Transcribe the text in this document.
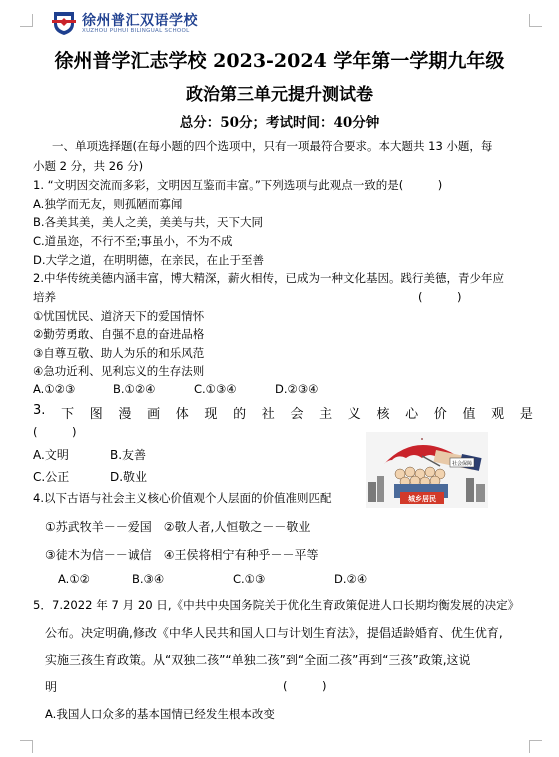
徐州普汇双语学校
XUZHOU PUHUI BILINGUAL SCHOOL
徐州普学汇志学校 2023-2024 学年第一学期九年级
政治第三单元提升测试卷
总分：50分；考试时间：40分钟
一、单项选择题(在每小题的四个选项中，只有一项最符合要求。本大题共 13 小题，每
小题 2 分，共 26 分)
1. “文明因交流而多彩，文明因互鉴而丰富。”下列选项与此观点一致的是(　　　)
A.独学而无友，则孤陋而寡闻
B.各美其美，美人之美，美美与共，天下大同
C.道虽迩，不行不至;事虽小，不为不成
D.大学之道，在明明德，在亲民，在止于至善
2.中华传统美德内涵丰富，博大精深，薪火相传，已成为一种文化基因。践行美德，青少年应
培养	(　　　)
①忧国忧民、道济天下的爱国情怀
②勤劳勇敢、自强不息的奋进品格
③自尊互敬、助人为乐的和乐风范
④急功近利、见利忘义的生存法则
A.①②③	B.①②④	C.①③④	D.②③④
3. 下 图 漫 画 体 现 的 社 会 主 义 核 心 价 值 观 是
(　　　)
A.文明	B.友善
C.公正	D.敬业
社会保障
城乡居民
4.以下古语与社会主义核心价值观个人层面的价值准则匹配
①苏武牧羊－－爱国　②敬人者,人恒敬之－－敬业
③徒木为信－－诚信　④王侯将相宁有种乎－－平等
A.①②	B.③④	C.①③	D.②④
5．7.2022 年 7 月 20 日,《中共中央国务院关于优化生育政策促进人口长期均衡发展的决定》
公布。决定明确,修改《中华人民共和国人口与计划生育法》，提倡适龄婚育、优生优育,
实施三孩生育政策。从“双独二孩”“单独二孩”到“全面二孩”再到“三孩”政策,这说
明	(　　　)
A.我国人口众多的基本国情已经发生根本改变
